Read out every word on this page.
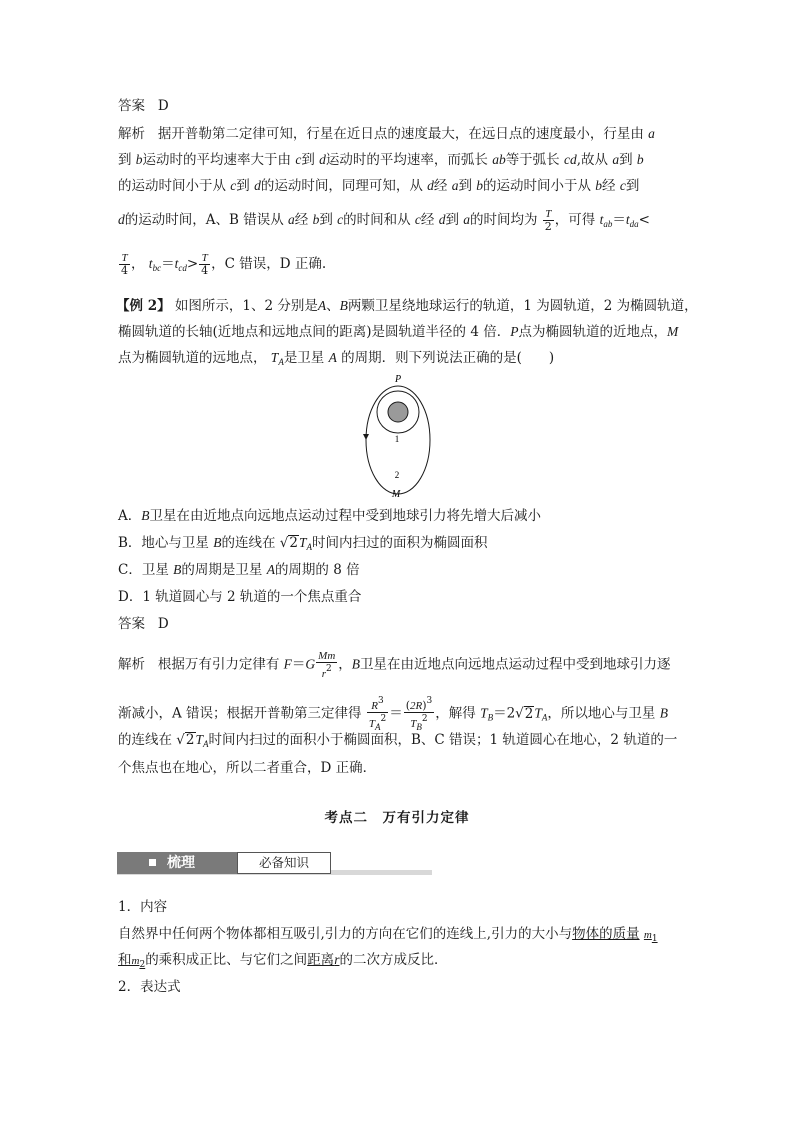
答案 D
解析 据开普勒第二定律可知，行星在近日点的速度最大，在远日点的速度最小，行星由 a
到 b运动时的平均速率大于由 c到 d运动时的平均速率，而弧长 ab等于弧长 cd,故从 a到 b
的运动时间小于从 c到 d的运动时间，同理可知，从 d经 a到 b的运动时间小于从 b经 c到
d的运动时间，A、B 错误从 a经 b到 c的时间和从 c经 d到 a的时间均为 $\frac{T}{2}$ ，可得 $t_{ab}=t_{da}<$
$\frac{T}{4}$ ， $t_{bc}=t_{cd}> \frac{T}{4}$ ，C 错误，D 正确.
【例 2】 如图所示，1、2 分别是A、B两颗卫星绕地球运行的轨道，1 为圆轨道，2 为椭圆轨道，
椭圆轨道的长轴(近地点和远地点间的距离)是圆轨道半径的 4 倍．P点为椭圆轨道的近地点，M
点为椭圆轨道的远地点， $T_A$是卫星 A 的周期．则下列说法正确的是(　　)
P
1
2
M
A．B卫星在由近地点向远地点运动过程中受到地球引力将先增大后减小
B．地心与卫星 B的连线在 $√2T_A$时间内扫过的面积为椭圆面积
C．卫星 B的周期是卫星 A的周期的 8 倍
D．1 轨道圆心与 2 轨道的一个焦点重合
答案 D
解析 根据万有引力定律有 $F=G \frac{Mm}{r^2}$ ，B卫星在由近地点向远地点运动过程中受到地球引力逐
渐减小，A 错误；根据开普勒第三定律得 $\frac{R^3}{T_A^2} = \frac{(2R)^3}{T_B^2}$ ，解得 $T_B=2√2T_A$，所以地心与卫星 B
的连线在 $√2T_A$时间内扫过的面积小于椭圆面积，B、C 错误；1 轨道圆心在地心，2 轨道的一
个焦点也在地心，所以二者重合，D 正确．
考点二　万有引力定律
梳理	必备知识
1．内容
自然界中任何两个物体都相互吸引,引力的方向在它们的连线上,引力的大小与物体的质量 $m_1$
和$m_2$的乘积成正比、与它们之间距离r的二次方成反比．
2．表达式
